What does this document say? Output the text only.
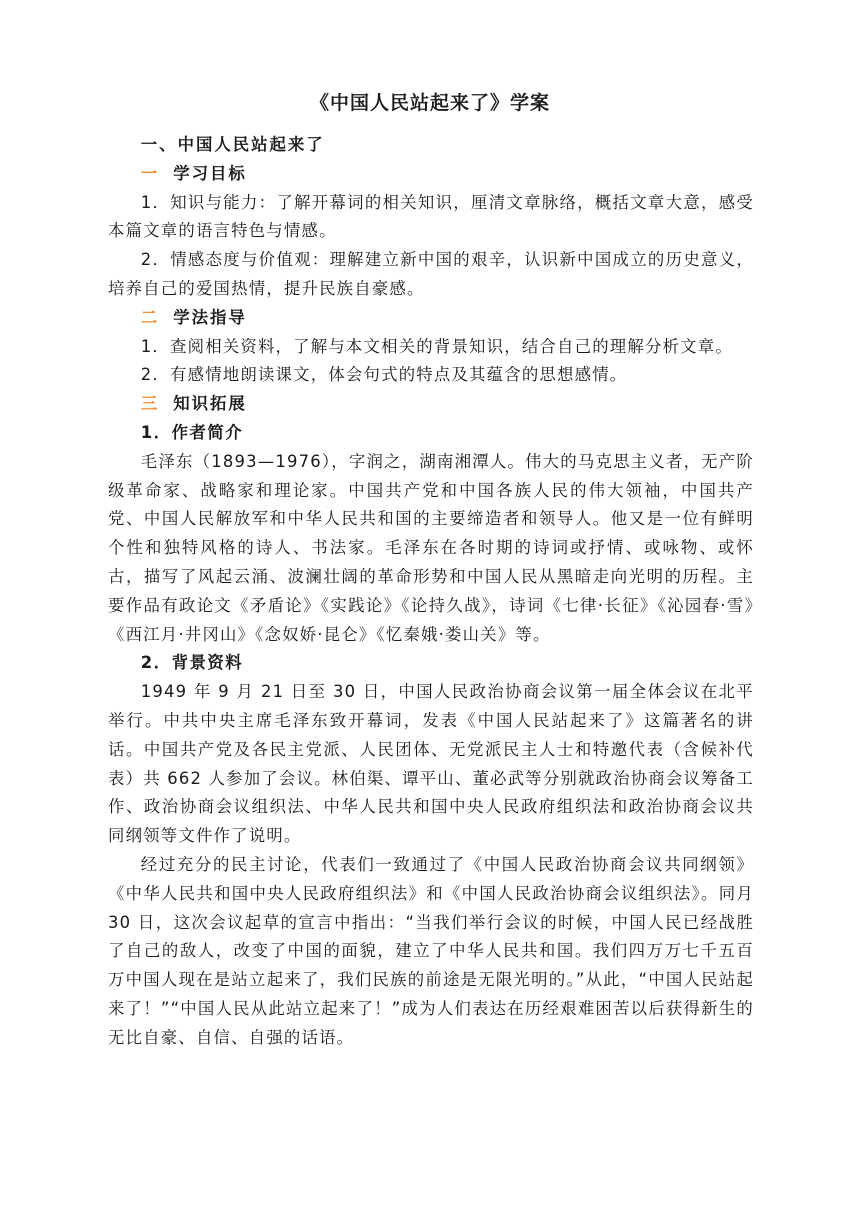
《中国人民站起来了》学案

一、中国人民站起来了

一 学习目标

1．知识与能力：了解开幕词的相关知识，厘清文章脉络，概括文章大意，感受本篇文章的语言特色与情感。

2．情感态度与价值观：理解建立新中国的艰辛，认识新中国成立的历史意义，培养自己的爱国热情，提升民族自豪感。

二 学法指导

1．查阅相关资料，了解与本文相关的背景知识，结合自己的理解分析文章。

2．有感情地朗读课文，体会句式的特点及其蕴含的思想感情。

三 知识拓展

1．作者简介

毛泽东（1893—1976），字润之，湖南湘潭人。伟大的马克思主义者，无产阶级革命家、战略家和理论家。中国共产党和中国各族人民的伟大领袖，中国共产党、中国人民解放军和中华人民共和国的主要缔造者和领导人。他又是一位有鲜明个性和独特风格的诗人、书法家。毛泽东在各时期的诗词或抒情、或咏物、或怀古，描写了风起云涌、波澜壮阔的革命形势和中国人民从黑暗走向光明的历程。主要作品有政论文《矛盾论》《实践论》《论持久战》，诗词《七律·长征》《沁园春·雪》《西江月·井冈山》《念奴娇·昆仑》《忆秦娥·娄山关》等。

2．背景资料

1949 年 9 月 21 日至 30 日，中国人民政治协商会议第一届全体会议在北平举行。中共中央主席毛泽东致开幕词，发表《中国人民站起来了》这篇著名的讲话。中国共产党及各民主党派、人民团体、无党派民主人士和特邀代表（含候补代表）共 662 人参加了会议。林伯渠、谭平山、董必武等分别就政治协商会议筹备工作、政治协商会议组织法、中华人民共和国中央人民政府组织法和政治协商会议共同纲领等文件作了说明。

经过充分的民主讨论，代表们一致通过了《中国人民政治协商会议共同纲领》《中华人民共和国中央人民政府组织法》和《中国人民政治协商会议组织法》。同月 30 日，这次会议起草的宣言中指出：“当我们举行会议的时候，中国人民已经战胜了自己的敌人，改变了中国的面貌，建立了中华人民共和国。我们四万万七千五百万中国人现在是站立起来了，我们民族的前途是无限光明的。”从此，“中国人民站起来了！”“中国人民从此站立起来了！”成为人们表达在历经艰难困苦以后获得新生的无比自豪、自信、自强的话语。
